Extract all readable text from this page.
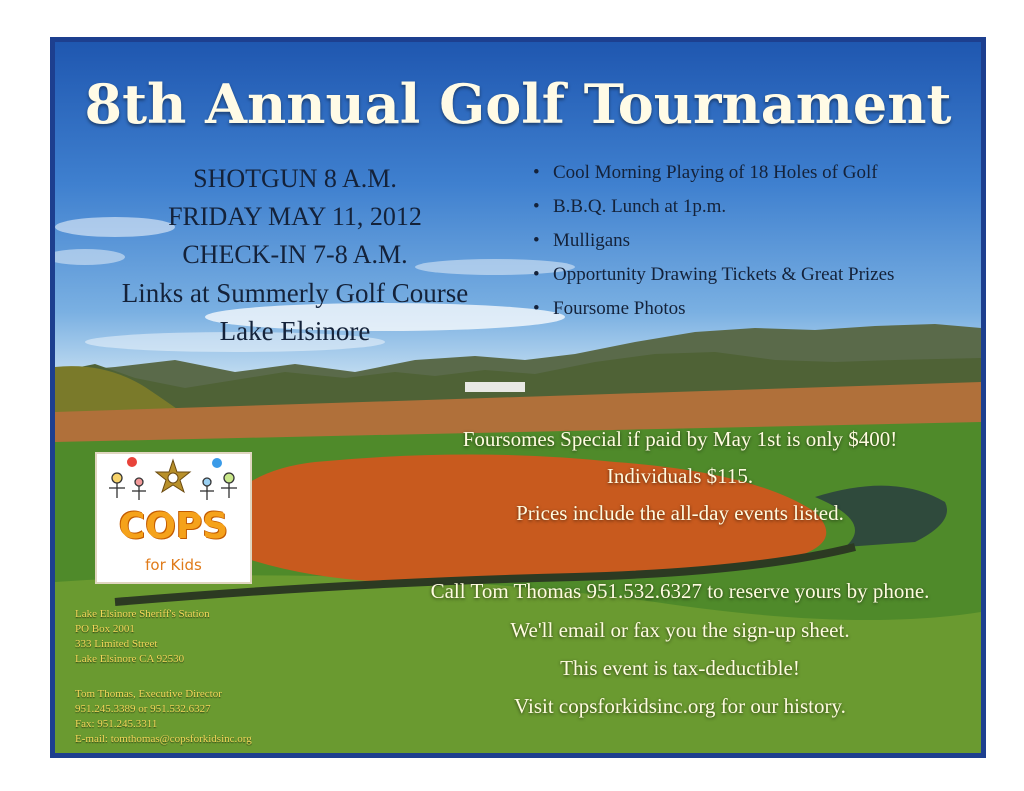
8th Annual Golf Tournament
SHOTGUN 8 A.M.
FRIDAY MAY 11, 2012
CHECK-IN 7-8 A.M.
Links at Summerly Golf Course
Lake Elsinore
• Cool Morning Playing of 18 Holes of Golf
• B.B.Q. Lunch at 1p.m.
• Mulligans
• Opportunity Drawing Tickets & Great Prizes
• Foursome Photos
Foursomes Special if paid by May 1st is only $400!
Individuals $115.
Prices include the all-day events listed.
Call Tom Thomas 951.532.6327 to reserve yours by phone.
We'll email or fax you the sign-up sheet.
This event is tax-deductible!
Visit copsforkidsinc.org for our history.
COPS
for Kids
Lake Elsinore Sheriff's Station
PO Box 2001
333 Limited Street
Lake Elsinore CA 92530
Tom Thomas, Executive Director
951.245.3389 or 951.532.6327
Fax: 951.245.3311
E-mail: tomthomas@copsforkidsinc.org
